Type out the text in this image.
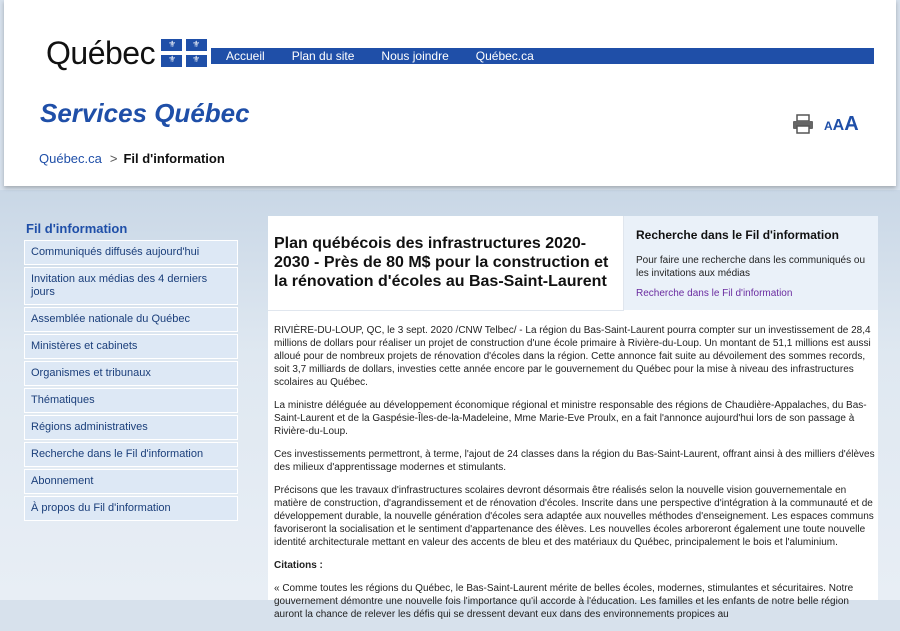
Québec ⚜ ⚜
⚜ ⚜ Accueil Plan du site Nous joindre Québec.ca
Services Québec	AAA
Québec.ca > Fil d'information
Fil d'information
Communiqués diffusés aujourd'hui
Invitation aux médias des 4 derniers jours
Assemblée nationale du Québec
Ministères et cabinets
Organismes et tribunaux
Thématiques
Régions administratives
Recherche dans le Fil d'information
Abonnement
À propos du Fil d'information
Plan québécois des infrastructures 2020-2030 - Près de 80 M$ pour la construction et la rénovation d'écoles au Bas-Saint-Laurent
Recherche dans le Fil d'information
Pour faire une recherche dans les communiqués ou les invitations aux médias
Recherche dans le Fil d'information

RIVIÈRE-DU-LOUP, QC, le 3 sept. 2020 /CNW Telbec/ - La région du Bas-Saint-Laurent pourra compter sur un investissement de 28,4 millions de dollars pour réaliser un projet de construction d'une école primaire à Rivière-du-Loup. Un montant de 51,1 millions est aussi alloué pour de nombreux projets de rénovation d'écoles dans la région. Cette annonce fait suite au dévoilement des sommes records, soit 3,7 milliards de dollars, investies cette année encore par le gouvernement du Québec pour la mise à niveau des infrastructures scolaires au Québec.

La ministre déléguée au développement économique régional et ministre responsable des régions de Chaudière-Appalaches, du Bas-Saint-Laurent et de la Gaspésie-Îles-de-la-Madeleine, Mme Marie-Eve Proulx, en a fait l'annonce aujourd'hui lors de son passage à Rivière-du-Loup.

Ces investissements permettront, à terme, l'ajout de 24 classes dans la région du Bas-Saint-Laurent, offrant ainsi à des milliers d'élèves des milieux d'apprentissage modernes et stimulants.

Précisons que les travaux d'infrastructures scolaires devront désormais être réalisés selon la nouvelle vision gouvernementale en matière de construction, d'agrandissement et de rénovation d'écoles. Inscrite dans une perspective d'intégration à la communauté et de développement durable, la nouvelle génération d'écoles sera adaptée aux nouvelles méthodes d'enseignement. Les espaces communs favoriseront la socialisation et le sentiment d'appartenance des élèves. Les nouvelles écoles arboreront également une toute nouvelle identité architecturale mettant en valeur des accents de bleu et des matériaux du Québec, principalement le bois et l'aluminium.

Citations :

« Comme toutes les régions du Québec, le Bas-Saint-Laurent mérite de belles écoles, modernes, stimulantes et sécuritaires. Notre gouvernement démontre une nouvelle fois l'importance qu'il accorde à l'éducation. Les familles et les enfants de notre belle région auront la chance de relever les défis qui se dressent devant eux dans des environnements propices au
